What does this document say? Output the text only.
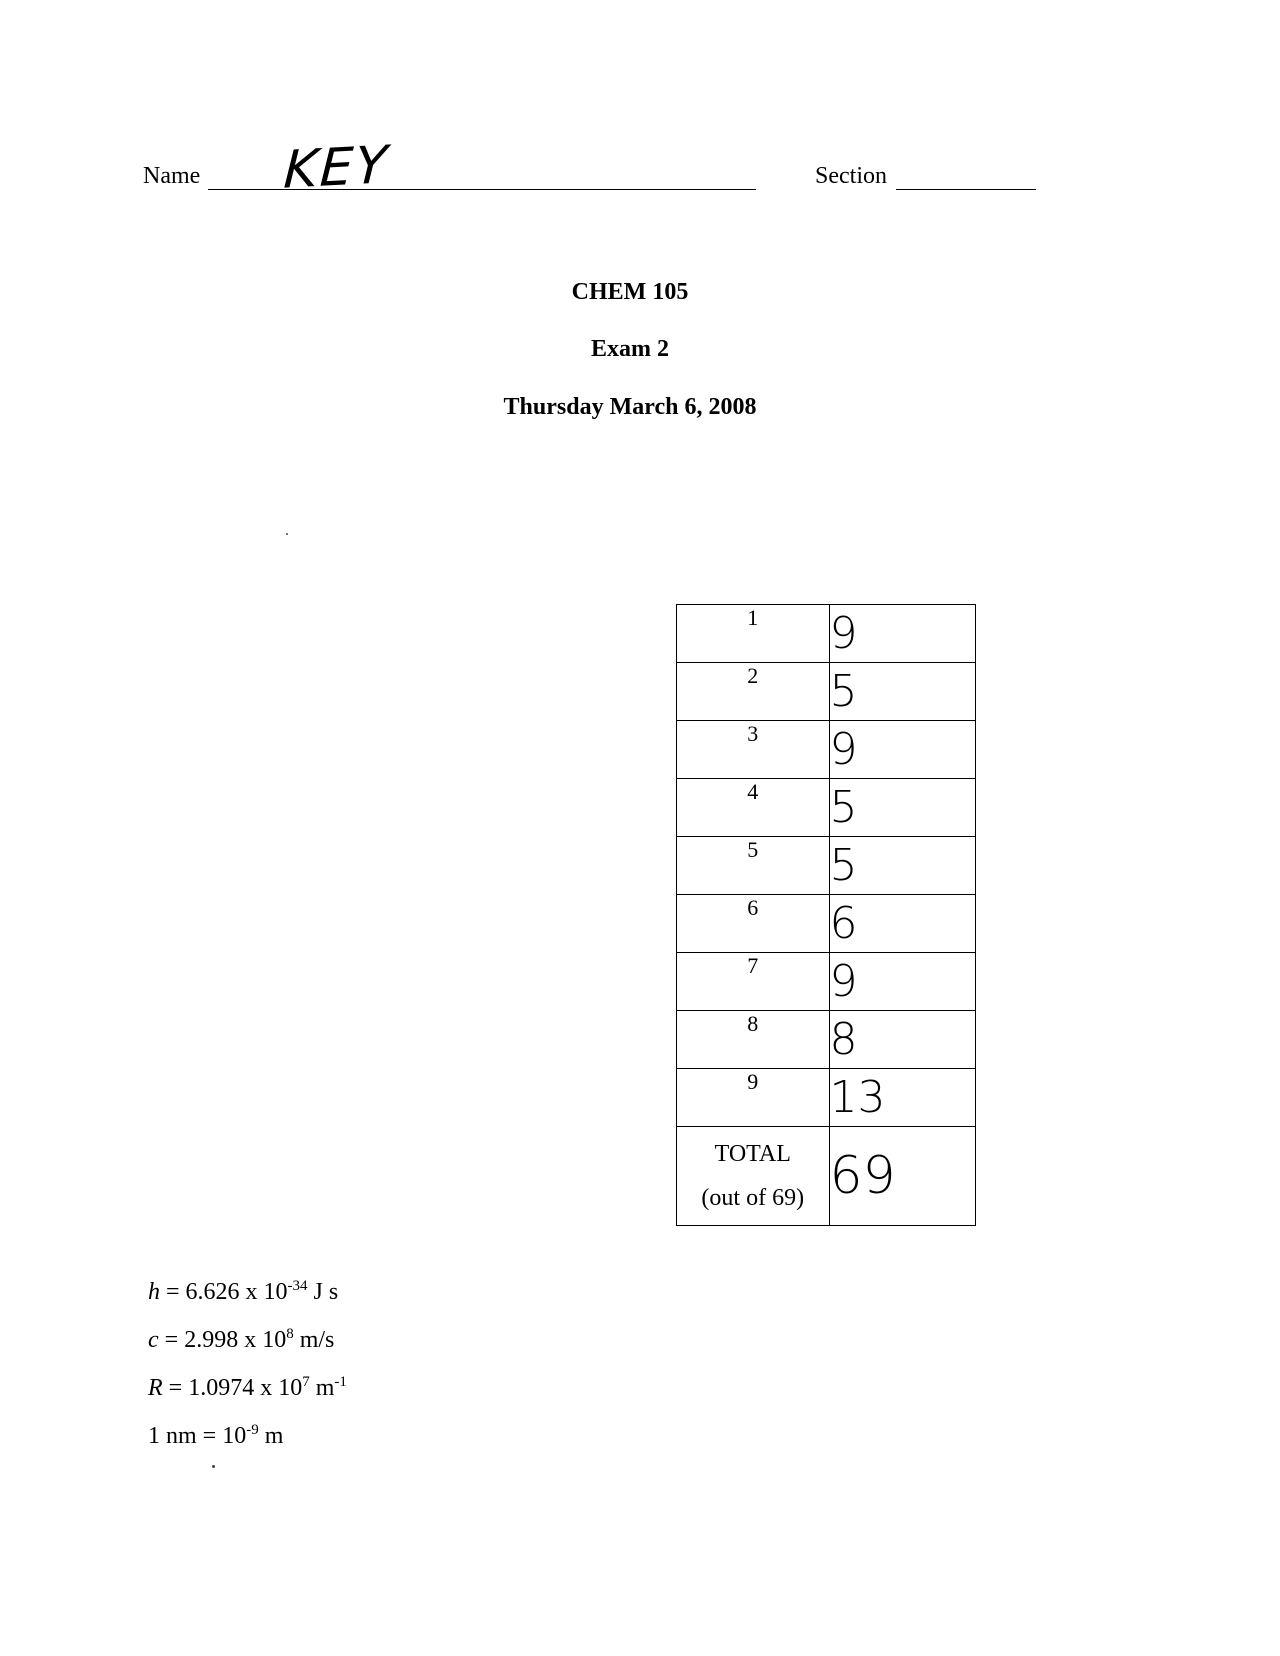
Name KEY	Section
CHEM 105
Exam 2
Thursday March 6, 2008
1	9
2	5
3	9
4	5
5	5
6	6
7	9
8	8
9	13

TOTAL
(out of 69)	69
h = 6.626 x $10^{-34}$ J s
c = 2.998 x $10^8$ m/s
R = 1.0974 x $10^7$ $m^{-1}$
1 nm = $10^{-9}$ m
